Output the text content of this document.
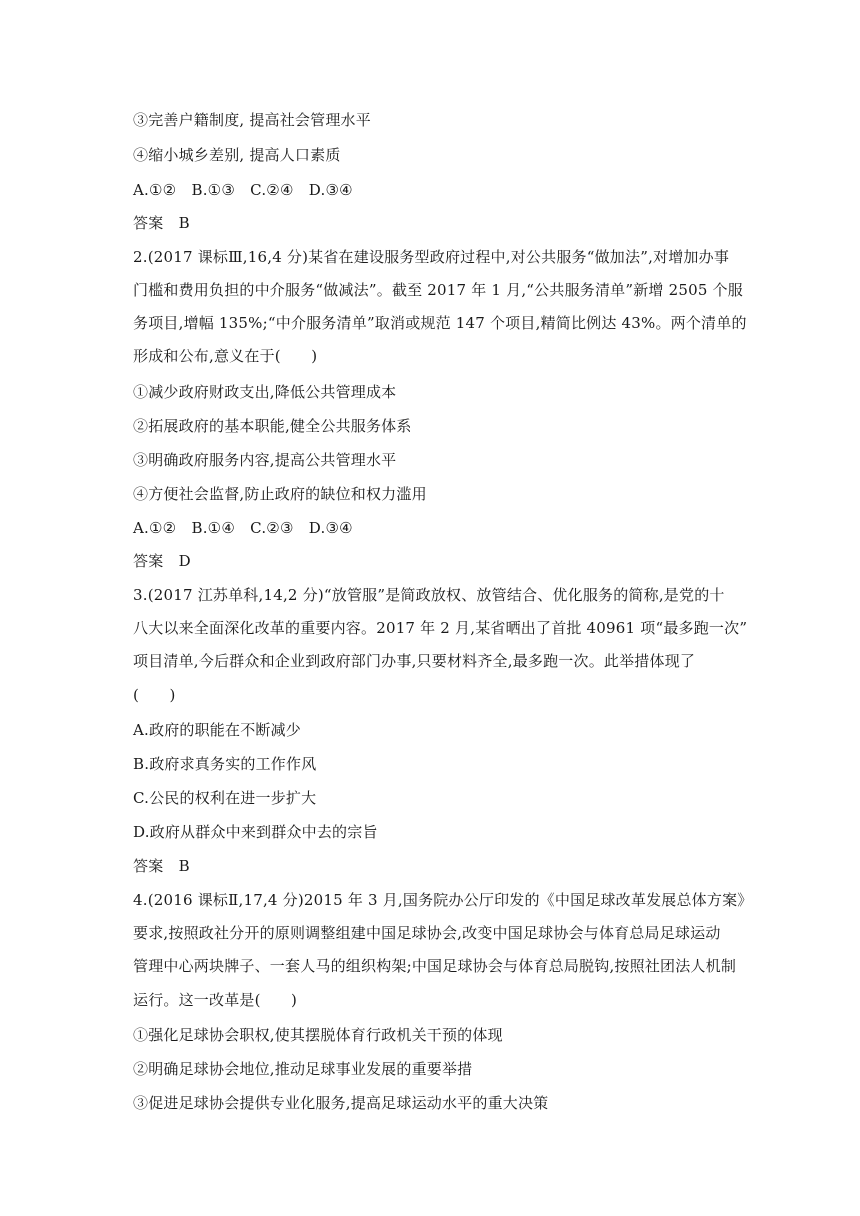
③完善户籍制度, 提高社会管理水平
④缩小城乡差别, 提高人口素质
A.①②　B.①③　C.②④　D.③④
答案　B
2.(2017 课标Ⅲ,16,4 分)某省在建设服务型政府过程中,对公共服务“做加法”,对增加办事
门槛和费用负担的中介服务“做减法”。截至 2017 年 1 月,“公共服务清单”新增 2505 个服
务项目,增幅 135%;“中介服务清单”取消或规范 147 个项目,精简比例达 43%。两个清单的
形成和公布,意义在于(　　)
①减少政府财政支出,降低公共管理成本
②拓展政府的基本职能,健全公共服务体系
③明确政府服务内容,提高公共管理水平
④方便社会监督,防止政府的缺位和权力滥用
A.①②　B.①④　C.②③　D.③④
答案　D
3.(2017 江苏单科,14,2 分)“放管服”是简政放权、放管结合、优化服务的简称,是党的十
八大以来全面深化改革的重要内容。2017 年 2 月,某省晒出了首批 40961 项“最多跑一次”
项目清单,今后群众和企业到政府部门办事,只要材料齐全,最多跑一次。此举措体现了
(　　)
A.政府的职能在不断减少
B.政府求真务实的工作作风
C.公民的权利在进一步扩大
D.政府从群众中来到群众中去的宗旨
答案　B
4.(2016 课标Ⅱ,17,4 分)2015 年 3 月,国务院办公厅印发的《中国足球改革发展总体方案》
要求,按照政社分开的原则调整组建中国足球协会,改变中国足球协会与体育总局足球运动
管理中心两块牌子、一套人马的组织构架;中国足球协会与体育总局脱钩,按照社团法人机制
运行。这一改革是(　　)
①强化足球协会职权,使其摆脱体育行政机关干预的体现
②明确足球协会地位,推动足球事业发展的重要举措
③促进足球协会提供专业化服务,提高足球运动水平的重大决策
